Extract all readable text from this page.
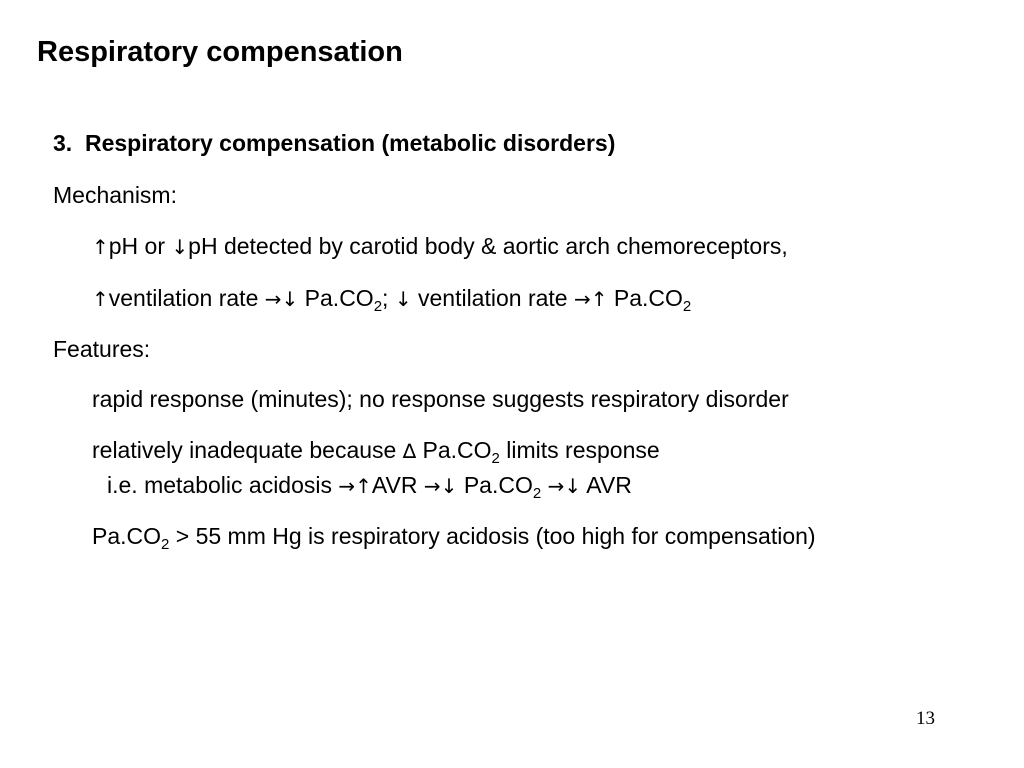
Respiratory compensation
3. Respiratory compensation (metabolic disorders)
Mechanism:
↑pH or ↓pH detected by carotid body & aortic arch chemoreceptors,
↑ventilation rate →↓ $Pa.CO_2$; ↓ ventilation rate →↑ $Pa.CO_2$
Features:
rapid response (minutes); no response suggests respiratory disorder
relatively inadequate because ∆ $Pa.CO_2$ limits response
i.e. metabolic acidosis →↑AVR →↓ $Pa.CO_2$ →↓ AVR
$Pa.CO_2 > 55$ mm Hg is respiratory acidosis (too high for compensation)
13
